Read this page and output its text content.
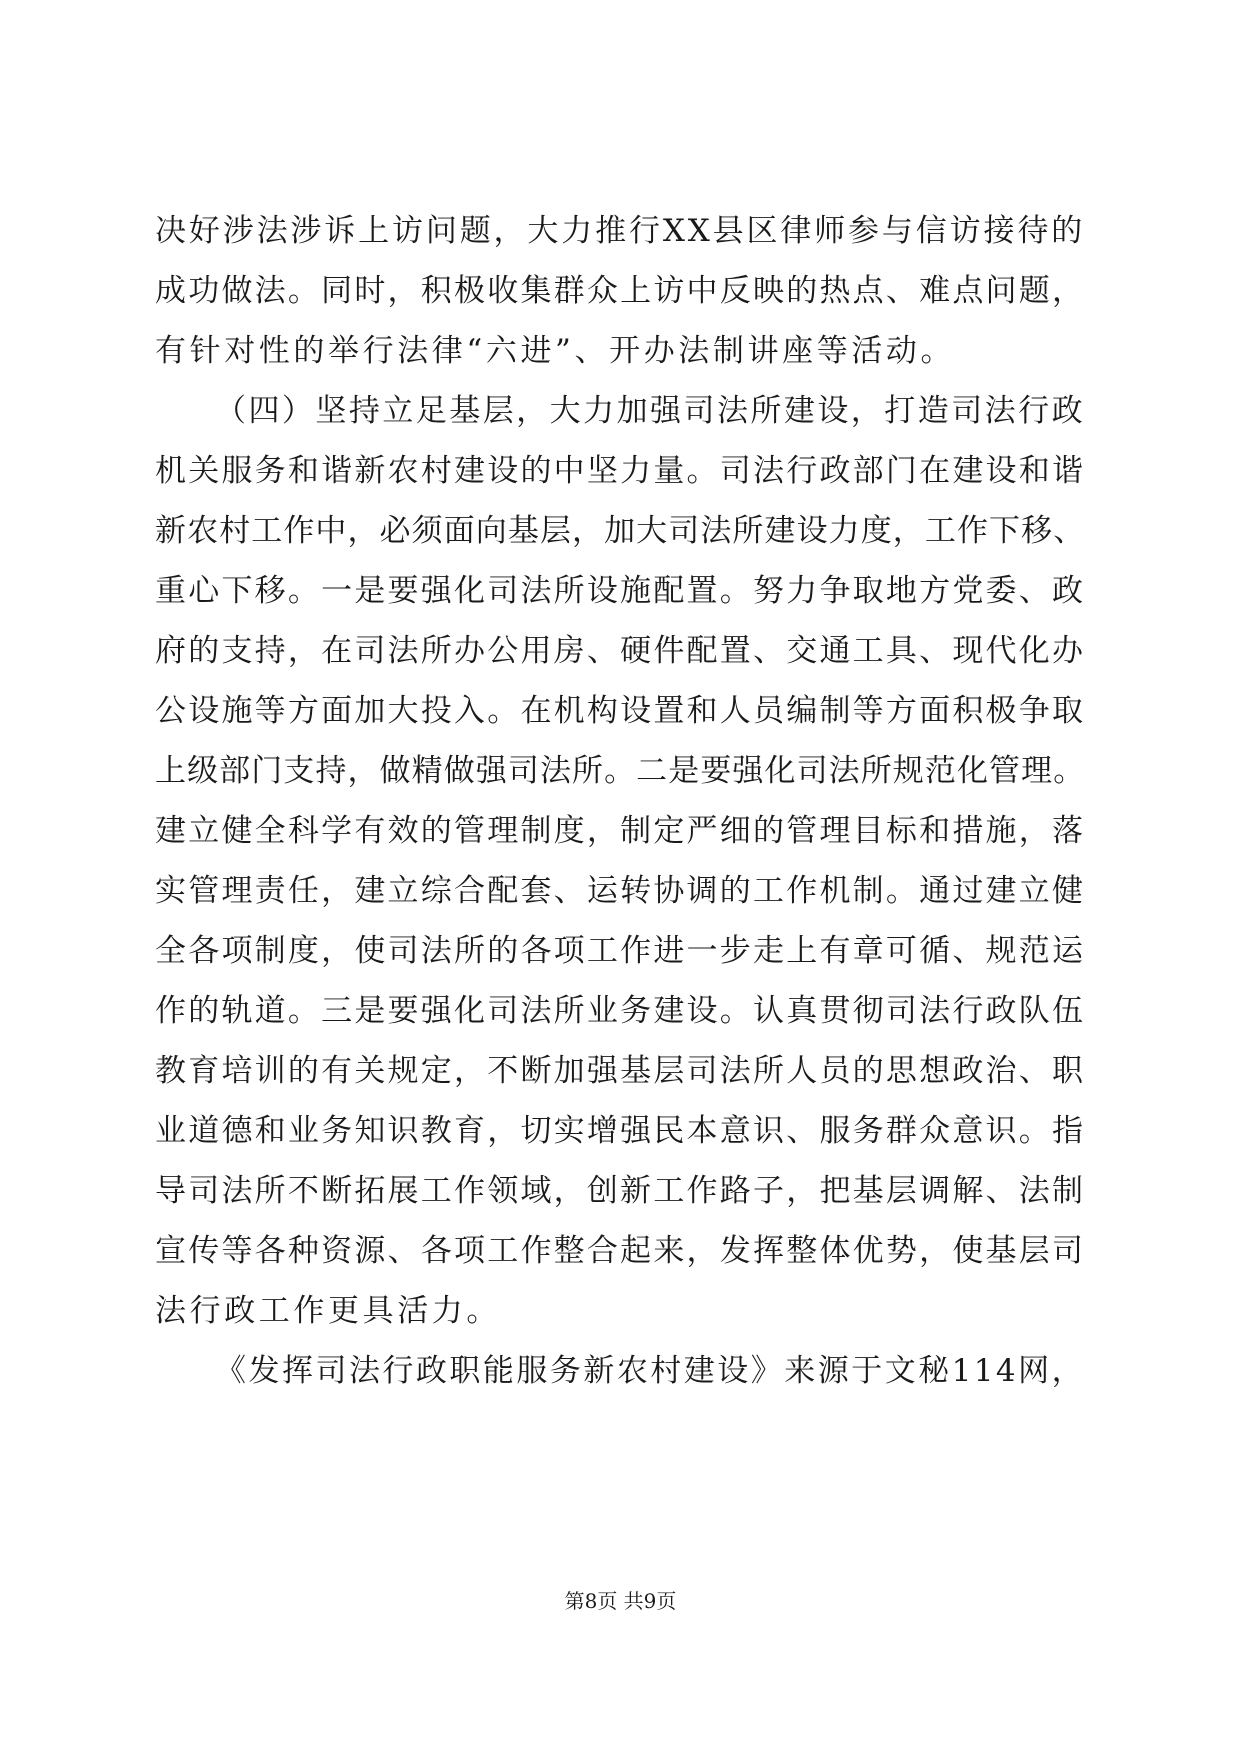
决好涉法涉诉上访问题，大力推行XX县区律师参与信访接待的
成功做法。同时，积极收集群众上访中反映的热点、难点问题，
有针对性的举行法律“六进”、开办法制讲座等活动。
（四）坚持立足基层，大力加强司法所建设，打造司法行政
机关服务和谐新农村建设的中坚力量。司法行政部门在建设和谐
新农村工作中，必须面向基层，加大司法所建设力度，工作下移、
重心下移。一是要强化司法所设施配置。努力争取地方党委、政
府的支持，在司法所办公用房、硬件配置、交通工具、现代化办
公设施等方面加大投入。在机构设置和人员编制等方面积极争取
上级部门支持，做精做强司法所。二是要强化司法所规范化管理。
建立健全科学有效的管理制度，制定严细的管理目标和措施，落
实管理责任，建立综合配套、运转协调的工作机制。通过建立健
全各项制度，使司法所的各项工作进一步走上有章可循、规范运
作的轨道。三是要强化司法所业务建设。认真贯彻司法行政队伍
教育培训的有关规定，不断加强基层司法所人员的思想政治、职
业道德和业务知识教育，切实增强民本意识、服务群众意识。指
导司法所不断拓展工作领域，创新工作路子，把基层调解、法制
宣传等各种资源、各项工作整合起来，发挥整体优势，使基层司
法行政工作更具活力。
《发挥司法行政职能服务新农村建设》来源于文秘114网，
第8页 共9页
